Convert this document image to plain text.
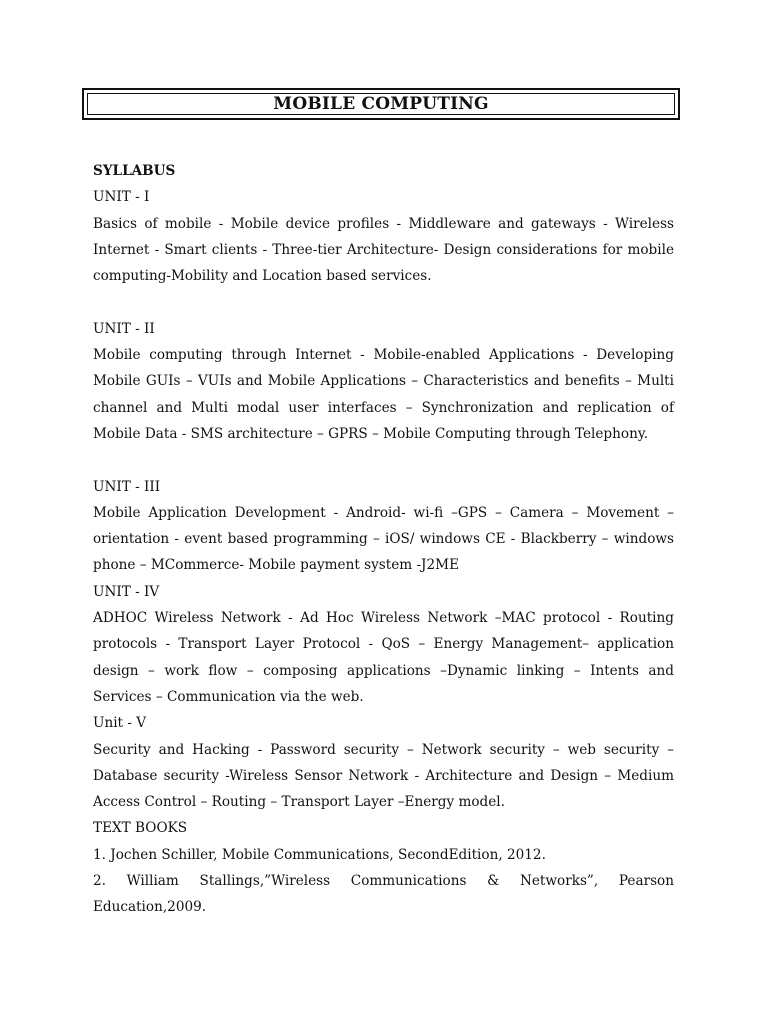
MOBILE COMPUTING

SYLLABUS

UNIT - I

Basics of mobile - Mobile device profiles - Middleware and gateways - Wireless Internet - Smart clients - Three-tier Architecture- Design considerations for mobile computing-Mobility and Location based services.

UNIT - II

Mobile computing through Internet - Mobile-enabled Applications - Developing Mobile GUIs – VUIs and Mobile Applications – Characteristics and benefits – Multi channel and Multi modal user interfaces – Synchronization and replication of Mobile Data - SMS architecture – GPRS – Mobile Computing through Telephony.

UNIT - III

Mobile Application Development - Android- wi-fi –GPS – Camera – Movement – orientation - event based programming – iOS/ windows CE - Blackberry – windows phone – MCommerce- Mobile payment system -J2ME

UNIT - IV

ADHOC Wireless Network - Ad Hoc Wireless Network –MAC protocol - Routing protocols - Transport Layer Protocol - QoS – Energy Management– application design – work flow – composing applications –Dynamic linking – Intents and Services – Communication via the web.

Unit - V

Security and Hacking - Password security – Network security – web security – Database security -Wireless Sensor Network - Architecture and Design – Medium Access Control – Routing – Transport Layer –Energy model.

TEXT BOOKS

1. Jochen Schiller, Mobile Communications, SecondEdition, 2012.

2. William Stallings,”Wireless Communications & Networks”, Pearson Education,2009.
